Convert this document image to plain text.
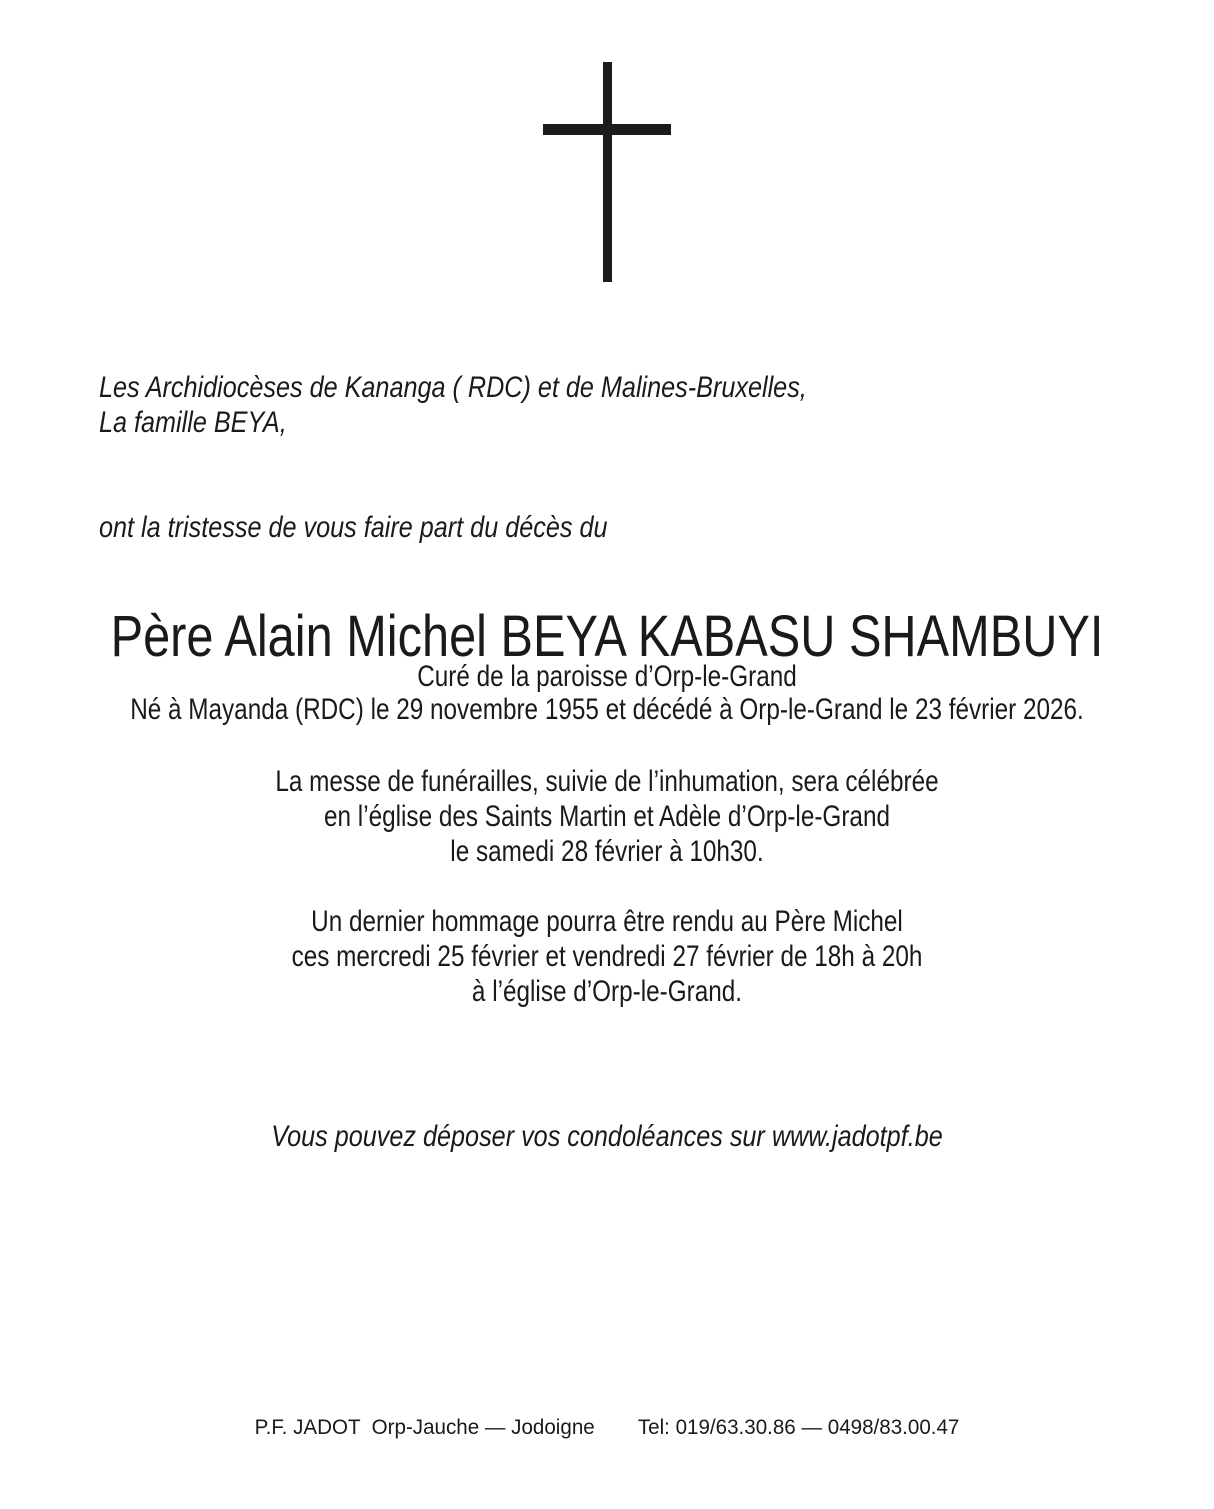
Les Archidiocèses de Kananga ( RDC) et de Malines-Bruxelles,
La famille BEYA,
ont la tristesse de vous faire part du décès du
Père Alain Michel BEYA KABASU SHAMBUYI
Curé de la paroisse d’Orp-le-Grand
Né à Mayanda (RDC) le 29 novembre 1955 et décédé à Orp-le-Grand le 23 février 2026.
La messe de funérailles, suivie de l’inhumation, sera célébrée
en l’église des Saints Martin et Adèle d’Orp-le-Grand
le samedi 28 février à 10h30.
Un dernier hommage pourra être rendu au Père Michel
ces mercredi 25 février et vendredi 27 février de 18h à 20h
à l’église d’Orp-le-Grand.
Vous pouvez déposer vos condoléances sur www.jadotpf.be
P.F. JADOT  Orp-Jauche — Jodoigne Tel: 019/63.30.86 — 0498/83.00.47
